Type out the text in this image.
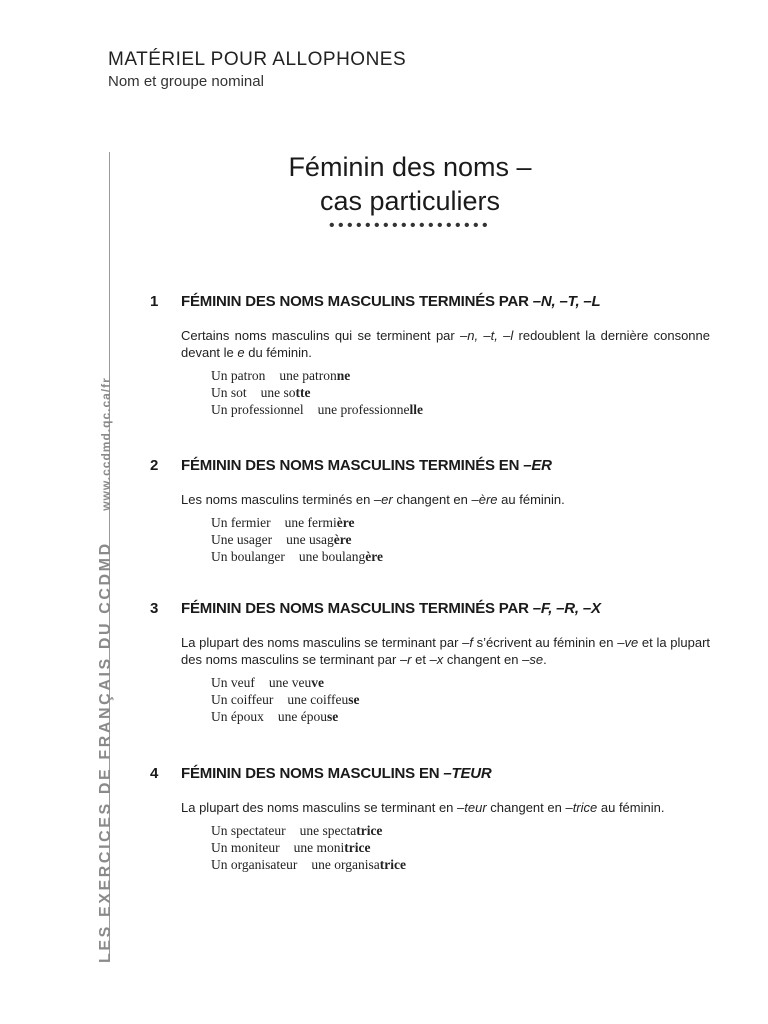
MATÉRIEL POUR ALLOPHONES
Nom et groupe nominal
LES EXERCICES DE FRANÇAIS DU CCDMD www.ccdmd.qc.ca/fr
Féminin des noms –
cas particuliers
••••••••••••••••••
1	FÉMININ DES NOMS MASCULINS TERMINÉS PAR –N, –T, –L
Certains noms masculins qui se terminent par –n, –t, –l redoublent la dernière consonne devant le e du féminin.
Un patron une patronne
Un sot une sotte
Un professionnel une professionnelle
2	FÉMININ DES NOMS MASCULINS TERMINÉS EN –ER
Les noms masculins terminés en –er changent en –ère au féminin.
Un fermier une fermière
Une usager une usagère
Un boulanger une boulangère
3	FÉMININ DES NOMS MASCULINS TERMINÉS PAR –F, –R, –X
La plupart des noms masculins se terminant par –f s’écrivent au féminin en –ve et la plupart des noms masculins se terminant par –r et –x changent en –se.
Un veuf une veuve
Un coiffeur une coiffeuse
Un époux une épouse
4	FÉMININ DES NOMS MASCULINS EN –TEUR
La plupart des noms masculins se terminant en –teur changent en –trice au féminin.
Un spectateur une spectatrice
Un moniteur une monitrice
Un organisateur une organisatrice
